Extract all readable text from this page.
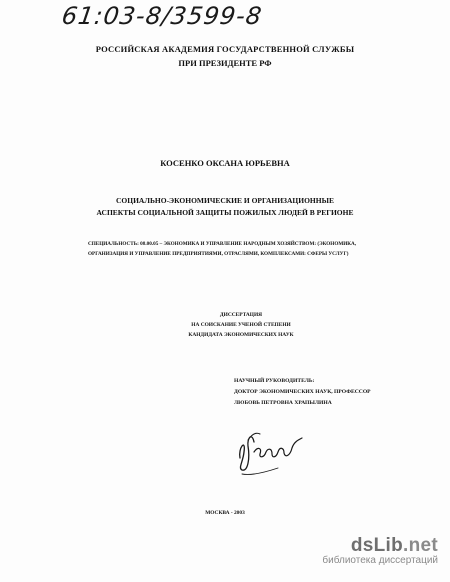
61:03-8/3599-8
РОССИЙСКАЯ АКАДЕМИЯ ГОСУДАРСТВЕННОЙ СЛУЖБЫ
ПРИ ПРЕЗИДЕНТЕ РФ
КОСЕНКО ОКСАНА ЮРЬЕВНА
СОЦИАЛЬНО-ЭКОНОМИЧЕСКИЕ И ОРГАНИЗАЦИОННЫЕ
АСПЕКТЫ СОЦИАЛЬНОЙ ЗАЩИТЫ ПОЖИЛЫХ ЛЮДЕЙ В РЕГИОНЕ
СПЕЦИАЛЬНОСТЬ: 08.00.05 – ЭКОНОМИКА И УПРАВЛЕНИЕ НАРОДНЫМ ХОЗЯЙСТВОМ: (ЭКОНОМИКА,
ОРГАНИЗАЦИЯ И УПРАВЛЕНИЕ ПРЕДПРИЯТИЯМИ, ОТРАСЛЯМИ, КОМПЛЕКСАМИ: СФЕРЫ УСЛУГ)
ДИССЕРТАЦИЯ
НА СОИСКАНИЕ УЧЕНОЙ СТЕПЕНИ
КАНДИДАТА ЭКОНОМИЧЕСКИХ НАУК
НАУЧНЫЙ РУКОВОДИТЕЛЬ:
ДОКТОР ЭКОНОМИЧЕСКИХ НАУК, ПРОФЕССОР
ЛЮБОВЬ ПЕТРОВНА ХРАПЫЛИНА
МОСКВА - 2003
dsLib.net
библиотека диссертаций
